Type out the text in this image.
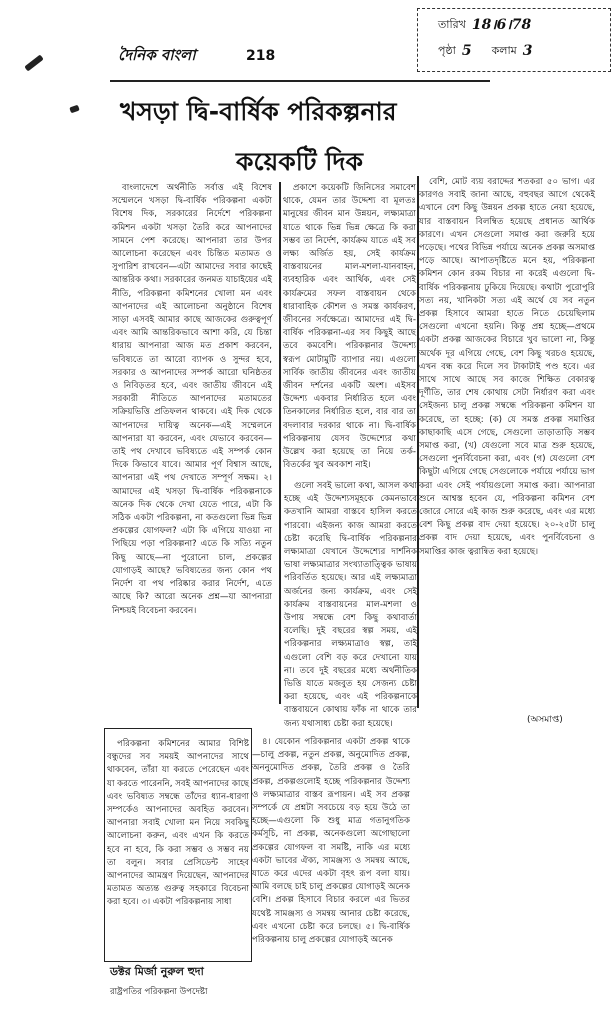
তারিখ 18।6।78
পৃষ্ঠা 5 কলাম 3
দৈনিক বাংলা	218
খসড়া দ্বি-বার্ষিক পরিকল্পনার
কয়েকটি দিক

বাংলাদেশে অর্থনীতি সর্বাত্ত এই বিশেষ সম্মেলনে খসড়া দ্বি-বার্ষিক পরিকল্পনা একটা বিশেষ দিক, সরকারের নির্দেশে পরিকল্পনা কমিশন একটা খসড়া তৈরি করে আপনাদের সামনে পেশ করেছে। আপনারা তার উপর আলোচনা করেছেন এবং চিন্তিত মতামত ও সুপারিশ রাখবেন—এটা আমাদের সবার কাছেই আন্তরিক কথা। সরকারের জনমত যাচাইয়ের এই নীতি, পরিকল্পনা কমিশনের খোলা মন এবং আপনাদের এই আলোচনা অনুষ্ঠানে বিশেষ সাড়া এসবই আমার কাছে আজকের গুরুত্বপূর্ণ এবং আমি আন্তরিকভাবে আশা করি, যে চিন্তা ধারায় আপনারা আজ মত প্রকাশ করবেন, ভবিষ্যতে তা আরো ব্যাপক ও সুন্দর হবে, সরকার ও আপনাদের সম্পর্ক আরো ঘনিষ্ঠতর ও নিবিড়তর হবে, এবং জাতীয় জীবনে এই সরকারী নীতিতে আপনাদের মতামতের সক্রিয়ভিত্তি প্রতিফলন থাকবে। এই দিক থেকে আপনাদের দায়িত্ব অনেক—এই সম্মেলনে আপনারা যা করবেন, এবং যেভাবে করবেন—তাই পথ দেখাবে ভবিষ্যতে এই সম্পর্ক কোন দিকে কিভাবে যাবে। আমার পূর্ণ বিশ্বাস আছে, আপনারা এই পথ দেখাতে সম্পূর্ণ সক্ষম। ২। আমাদের এই খসড়া দ্বি-বার্ষিক পরিকল্পনাকে অনেক দিক থেকে দেখা যেতে পারে, এটা কি সঠিক একটা পরিকল্পনা, না কতগুলো ভিন্ন ভিন্ন প্রকল্পের যোগফল? এটা কি এগিয়ে যাওয়া না পিছিয়ে পড়া পরিকল্পনা? এতে কি সত্যি নতুন কিছু আছে—না পুরোনো চাল, প্রকল্পের যোগাড়ই আছে? ভবিষ্যতের জন্য কোন পথ নির্দেশ বা পথ পরিষ্কার করার নির্দেশ, এতে আছে কি? আরো অনেক প্রশ্ন—যা আপনারা নিশ্চয়ই বিবেচনা করবেন।

প্রকাশে কয়েকটি জিনিসের সমাবেশ থাকে, যেমন তার উদ্দেশ্য বা মূলতঃ মানুষের জীবন মান উন্নয়ন, লক্ষ্যমাত্রা যাতে থাকে ভিন্ন ভিন্ন ক্ষেত্রে কি করা সম্ভব তা নির্দেশ, কার্যক্রম যাতে এই সব লক্ষ্য অর্জিত হয়, সেই কার্যক্রম বাস্তবায়নের মাল-মশলা-যানবাহন, ব্যবহারিক এবং আর্থিক, এবং সেই কার্যক্রমের সফল বাস্তবায়ন থেকে ধারাবাহিক কৌশল ও সমস্ত কার্যকরণ, জীবনের সর্বক্ষেত্রে। আমাদের এই দ্বি-বার্ষিক পরিকল্পনা-এর সব কিছুই আছে তবে কমবেশি। পরিকল্পনার উদ্দেশ্য স্বরূপ মোটামুটি ব্যাপার নয়। এগুলো সার্বিক জাতীয় জীবনের এবং জাতীয় জীবন দর্শনের একটি অংশ। এইসব উদ্দেশ্য একবার নির্ধারিত হলে এবং তিনকালের নির্ধারিত হলে, বার বার তা বদলাবার দরকার থাকে না। দ্বি-বার্ষিক পরিকল্পনায় যেসব উদ্দেশ্যের কথা উল্লেখ করা হয়েছে তা নিয়ে তর্ক-বিতর্কের খুব অবকাশ নাই।

বেশি, মোট ব্যয় বরাদ্দের শতকরা ৫০ ভাগ। এর কারণও সবাই জানা আছে, বহুবছর আগে থেকেই এখানে বেশ কিছু উন্নয়ন প্রকল্প হাতে নেয়া হয়েছে, যার বাস্তবায়ন বিলম্বিত হয়েছে প্রধানত আর্থিক কারণে। এখন সেগুলো সমাপ্ত করা জরুরি হয়ে পড়েছে। পথের বিভিন্ন পর্যায়ে অনেক প্রকল্প অসমাপ্ত পড়ে আছে। আপাতদৃষ্টিতে মনে হয়, পরিকল্পনা কমিশন কোন রকম বিচার না করেই এগুলো দ্বি-বার্ষিক পরিকল্পনায় ঢুকিয়ে দিয়েছে। কথাটা পুরোপুরি সত্য নয়, খানিকটা সত্য এই অর্থে যে সব নতুন প্রকল্প হিসাবে আমরা হাতে নিতে চেয়েছিলাম সেগুলো এখনো হয়নি। কিন্তু প্রশ্ন হচ্ছে—প্রথমে একটা প্রকল্প আজকের বিচারে খুব ভালো না, কিন্তু অর্থেক দূর এগিয়ে গেছে, বেশ কিছু খরচও হয়েছে, এখন বন্ধ করে দিলে সব টাকাটাই পণ্ড হবে। এর সাথে সাথে আছে সব কাজে শিক্ষিত বেকারত্ব দূর্ণীতি, তার শেষ কোথায় সেটা নির্ধারণ করা এবং সেইজন্য চালু প্রকল্প সম্বন্ধে পরিকল্পনা কমিশন যা করেছে, তা হচ্ছে: (ক) যে সমস্ত প্রকল্প সমাপ্তির কাছাকাছি এসে গেছে, সেগুলো তাড়াতাড়ি সম্ভব সমাপ্ত করা, (খ) যেগুলো সবে মাত্র শুরু হয়েছে, সেগুলো পুনর্বিবেচনা করা, এবং (গ) যেগুলো বেশ কিছুটা এগিয়ে গেছে সেগুলোকে পর্যায়ে পর্যায়ে ভাগ করা এবং সেই পর্যায়গুলো সমাপ্ত করা। আপনারা শুনে আশ্বস্ত হবেন যে, পরিকল্পনা কমিশন বেশ জোরে সোরে এই কাজ শুরু করেছে, এবং এর মধ্যে বেশ কিছু প্রকল্প বাদ দেয়া হয়েছে। ২০-২৫টা চালু প্রকল্প বাদ দেয়া হয়েছে, এবং পুনর্বিবেচনা ও সমাপ্তির কাজ ত্বরান্বিত করা হয়েছে।

গুলো সবই ভালো কথা, আসল কথা হচ্ছে এই উদ্দেশ্যসমূহকে কেমনভাবে কতখানি আমরা বাস্তবে হাসিল করতে পারবো। এইজন্য কাজ আমরা করতে চেষ্টা করেছি দ্বি-বার্ষিক পরিকল্পনার লক্ষ্যমাত্রা যেখানে উদ্দেশ্যের দার্শনিক ভাষা লক্ষ্যমাত্রার সংখ্যাতাত্ত্বিক ভাষায় পরিবর্তিত হয়েছে। আর এই লক্ষ্যমাত্রা অর্জনের জন্য কার্যক্রম, এবং সেই কার্যক্রম বাস্তবায়নের মাল-মশলা ও উপায় সম্বন্ধে বেশ কিছু কথাবার্তা বলেছি। দুই বছরের স্বল্প সময়, এই পরিকল্পনার লক্ষ্যমাত্রাও স্বল্প, তাই এগুলো বেশি বড় করে দেখানো যায় না। তবে দুই বছরের মধ্যে অর্থনীতিক ভিত্তি যাতে মজবুত হয় সেজন্য চেষ্টা করা হয়েছে, এবং এই পরিকল্পনাকে বাস্তবায়নে কোথায় ফাঁক না থাকে তার জন্য যথাসাধ্য চেষ্টা করা হয়েছে।	(অসমাপ্ত)

পরিকল্পনা কমিশনের আমার বিশিষ্ট বন্ধুদের সব সময়ই আপনাদের সাথে থাকবেন, তাঁরা যা করতে পেরেছেন এবং যা করতে পারেননি, সবই আপনাদের কাছে এবং ভবিষ্যত সম্বন্ধে তাঁদের ধ্যান-ধারণা সম্পর্কেও আপনাদের অবহিত করবেন। আপনারা সবাই খোলা মন নিয়ে সবকিছু আলোচনা করুন, এবং এখন কি করতে হবে না হবে, কি করা সম্ভব ও সম্ভব নয় তা বলুন। সবার প্রেসিডেন্ট সাহেব আপনাদের আমন্ত্রণ দিয়েছেন, আপনাদের মতামত অত্যন্ত গুরুত্ব সহকারে বিবেচনা করা হবে। ৩। একটা পরিকল্পনায় সাধা

৪। যেকোন পরিকল্পনার একটা প্রকল্প থাকে—চালু প্রকল্প, নতুন প্রকল্প, অনুমোদিত প্রকল্প, অননুমোদিত প্রকল্প, তৈরি প্রকল্প ও তৈরি প্রকল্প, প্রকল্পগুলোই হচ্ছে পরিকল্পনার উদ্দেশ্য ও লক্ষ্যমাত্রার বাস্তব রূপায়ন। এই সব প্রকল্প সম্পর্কে যে প্রশ্নটা সবচেয়ে বড় হয়ে উঠে তা হচ্ছে—এগুলো কি শুধু মাত্র গতানুগতিক কর্মসূচি, না প্রকল্প, অনেকগুলো অগোছালো প্রকল্পের যোগফল বা সমষ্টি, নাকি এর মধ্যে একটা ভাবের ঐক্য, সামঞ্জস্য ও সমন্বয় আছে, যাতে করে এদের একটা বৃহৎ রূপ বলা যায়। আমি বলছে চাই চালু প্রকল্পের যোগাড়ই অনেক বেশি। প্রকল্প হিসাবে বিচার করলে এর ভিতর যথেষ্ট সামঞ্জস্য ও সমন্বয় আনার চেষ্টা করেছে, এবং এখনো চেষ্টা করে চলছে। ৫। দ্বি-বার্ষিক পরিকল্পনায় চালু প্রকল্পের যোগাড়ই অনেক

ডক্টর মির্জা নুরুল হুদা
রাষ্ট্রপতির পরিকল্পনা উপদেষ্টা
